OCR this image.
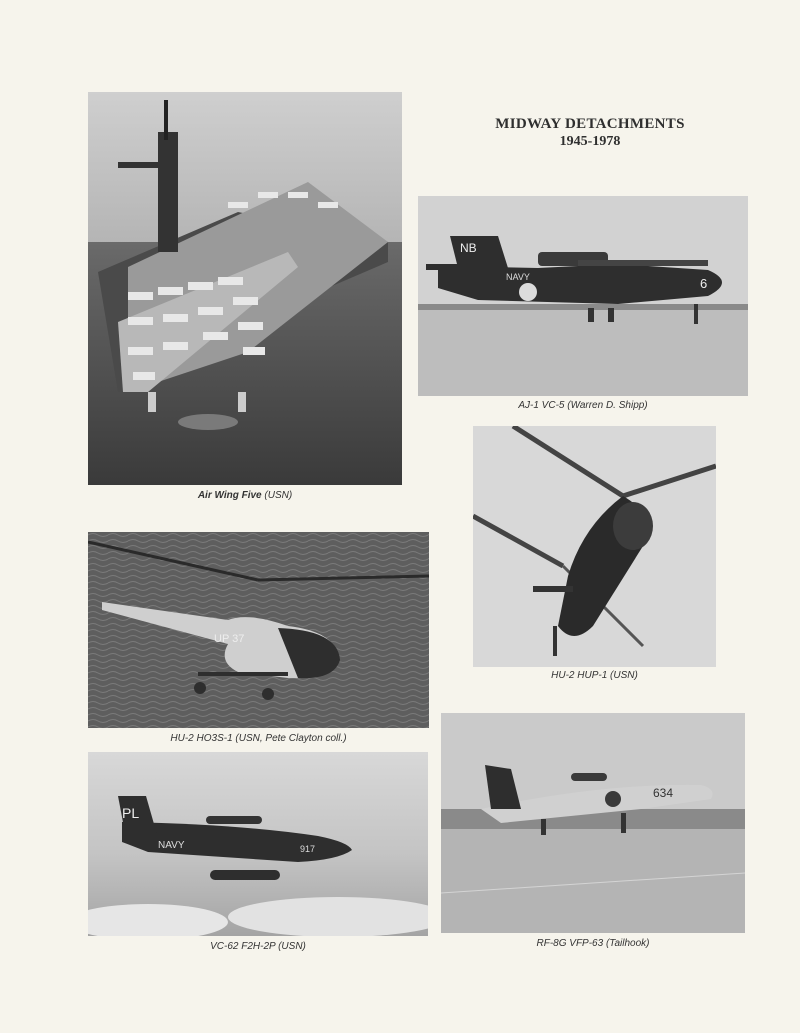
MIDWAY DETACHMENTS
1945-1978
Air Wing Five (USN)
NB
NAVY	6
AJ-1 VC-5 (Warren D. Shipp)
HU-2 HUP-1 (USN)
UP 37
HU-2 HO3S-1 (USN, Pete Clayton coll.)
PL
NAVY	917
VC-62 F2H-2P (USN)
634
RF-8G VFP-63 (Tailhook)
